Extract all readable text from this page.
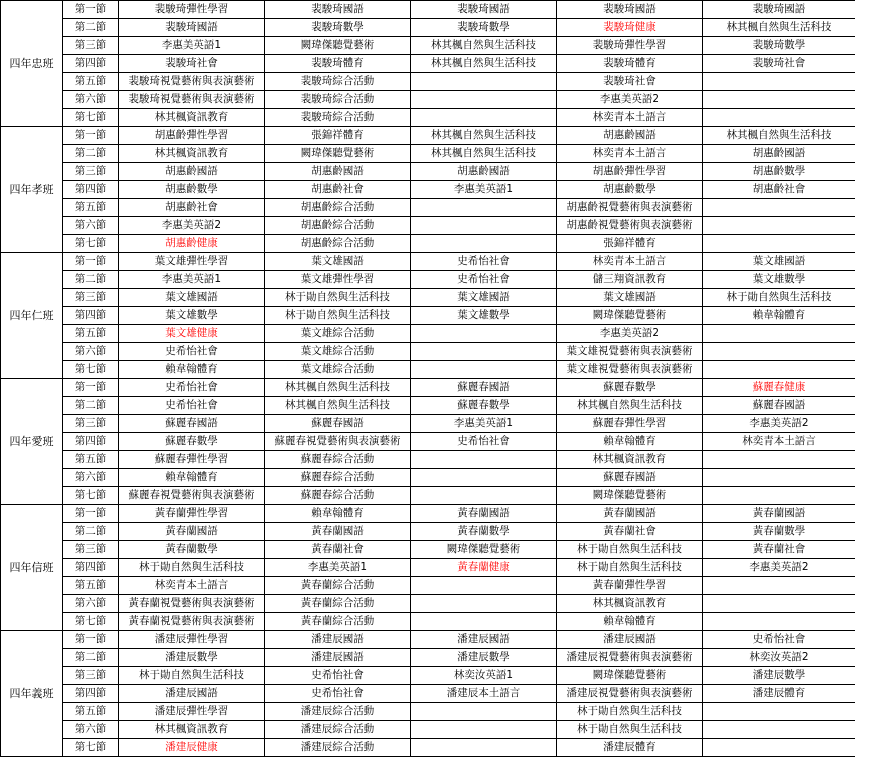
四年忠班	第一節	裴駿琦彈性學習	裴駿琦國語	裴駿琦國語	裴駿琦國語	裴駿琦國語
	第二節	裴駿琦國語	裴駿琦數學	裴駿琦數學	裴駿琦健康	林其楓自然與生活科技
	第三節	李惠美英語1	闕瑋傑聽覺藝術	林其楓自然與生活科技	裴駿琦彈性學習	裴駿琦數學
	第四節	裴駿琦社會	裴駿琦體育	林其楓自然與生活科技	裴駿琦體育	裴駿琦社會
	第五節	裴駿琦視覺藝術與表演藝術	裴駿琦綜合活動		裴駿琦社會	
	第六節	裴駿琦視覺藝術與表演藝術	裴駿琦綜合活動		李惠美英語2	
	第七節	林其楓資訊教育	裴駿琦綜合活動		林奕青本土語言	
四年孝班	第一節	胡惠齡彈性學習	張錦祥體育	林其楓自然與生活科技	胡惠齡國語	林其楓自然與生活科技
	第二節	林其楓資訊教育	闕瑋傑聽覺藝術	林其楓自然與生活科技	林奕青本土語言	胡惠齡國語
	第三節	胡惠齡國語	胡惠齡國語	胡惠齡國語	胡惠齡彈性學習	胡惠齡數學
	第四節	胡惠齡數學	胡惠齡社會	李惠美英語1	胡惠齡數學	胡惠齡社會
	第五節	胡惠齡社會	胡惠齡綜合活動		胡惠齡視覺藝術與表演藝術	
	第六節	李惠美英語2	胡惠齡綜合活動		胡惠齡視覺藝術與表演藝術	
	第七節	胡惠齡健康	胡惠齡綜合活動		張錦祥體育	
四年仁班	第一節	葉文雄彈性學習	葉文雄國語	史希怡社會	林奕青本土語言	葉文雄國語
	第二節	李惠美英語1	葉文雄彈性學習	史希怡社會	儲三翔資訊教育	葉文雄數學
	第三節	葉文雄國語	林于勛自然與生活科技	葉文雄國語	葉文雄國語	林于勛自然與生活科技
	第四節	葉文雄數學	林于勛自然與生活科技	葉文雄數學	闕瑋傑聽覺藝術	賴韋翰體育
	第五節	葉文雄健康	葉文雄綜合活動		李惠美英語2	
	第六節	史希怡社會	葉文雄綜合活動		葉文雄視覺藝術與表演藝術	
	第七節	賴韋翰體育	葉文雄綜合活動		葉文雄視覺藝術與表演藝術	
四年愛班	第一節	史希怡社會	林其楓自然與生活科技	蘇麗春國語	蘇麗春數學	蘇麗春健康
	第二節	史希怡社會	林其楓自然與生活科技	蘇麗春數學	林其楓自然與生活科技	蘇麗春國語
	第三節	蘇麗春國語	蘇麗春國語	李惠美英語1	蘇麗春彈性學習	李惠美英語2
	第四節	蘇麗春數學	蘇麗春視覺藝術與表演藝術	史希怡社會	賴韋翰體育	林奕青本土語言
	第五節	蘇麗春彈性學習	蘇麗春綜合活動		林其楓資訊教育	
	第六節	賴韋翰體育	蘇麗春綜合活動		蘇麗春國語	
	第七節	蘇麗春視覺藝術與表演藝術	蘇麗春綜合活動		闕瑋傑聽覺藝術	
四年信班	第一節	黃春蘭彈性學習	賴韋翰體育	黃春蘭國語	黃春蘭國語	黃春蘭國語
	第二節	黃春蘭國語	黃春蘭國語	黃春蘭數學	黃春蘭社會	黃春蘭數學
	第三節	黃春蘭數學	黃春蘭社會	闕瑋傑聽覺藝術	林于勛自然與生活科技	黃春蘭社會
	第四節	林于勛自然與生活科技	李惠美英語1	黃春蘭健康	林于勛自然與生活科技	李惠美英語2
	第五節	林奕青本土語言	黃春蘭綜合活動		黃春蘭彈性學習	
	第六節	黃春蘭視覺藝術與表演藝術	黃春蘭綜合活動		林其楓資訊教育	
	第七節	黃春蘭視覺藝術與表演藝術	黃春蘭綜合活動		賴韋翰體育	
四年義班	第一節	潘建辰彈性學習	潘建辰國語	潘建辰國語	潘建辰國語	史希怡社會
	第二節	潘建辰數學	潘建辰國語	潘建辰數學	潘建辰視覺藝術與表演藝術	林奕汝英語2
	第三節	林于勛自然與生活科技	史希怡社會	林奕汝英語1	闕瑋傑聽覺藝術	潘建辰數學
	第四節	潘建辰國語	史希怡社會	潘建辰本土語言	潘建辰視覺藝術與表演藝術	潘建辰體育
	第五節	潘建辰彈性學習	潘建辰綜合活動		林于勛自然與生活科技	
	第六節	林其楓資訊教育	潘建辰綜合活動		林于勛自然與生活科技	
	第七節	潘建辰健康	潘建辰綜合活動		潘建辰體育	
